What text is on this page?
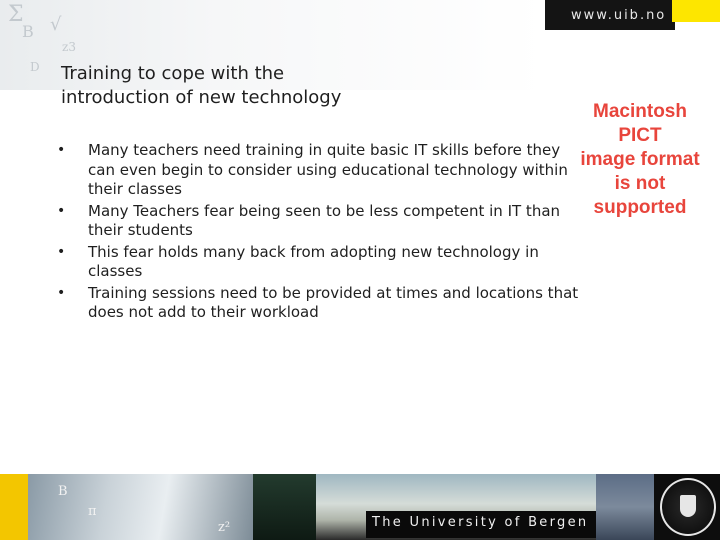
Σ
B √
z3
D
www.uib.no
Training to cope with the
introduction of new technology
• Many teachers need training in quite basic IT skills before they can even begin to consider using educational technology within their classes
• Many Teachers fear being seen to be less competent in IT than their students
• This fear holds many back from adopting new technology in classes
• Training sessions need to be provided at times and locations that does not add to their workload
Macintosh PICT
image format
is not supported
B
π
z²	The University of Bergen
